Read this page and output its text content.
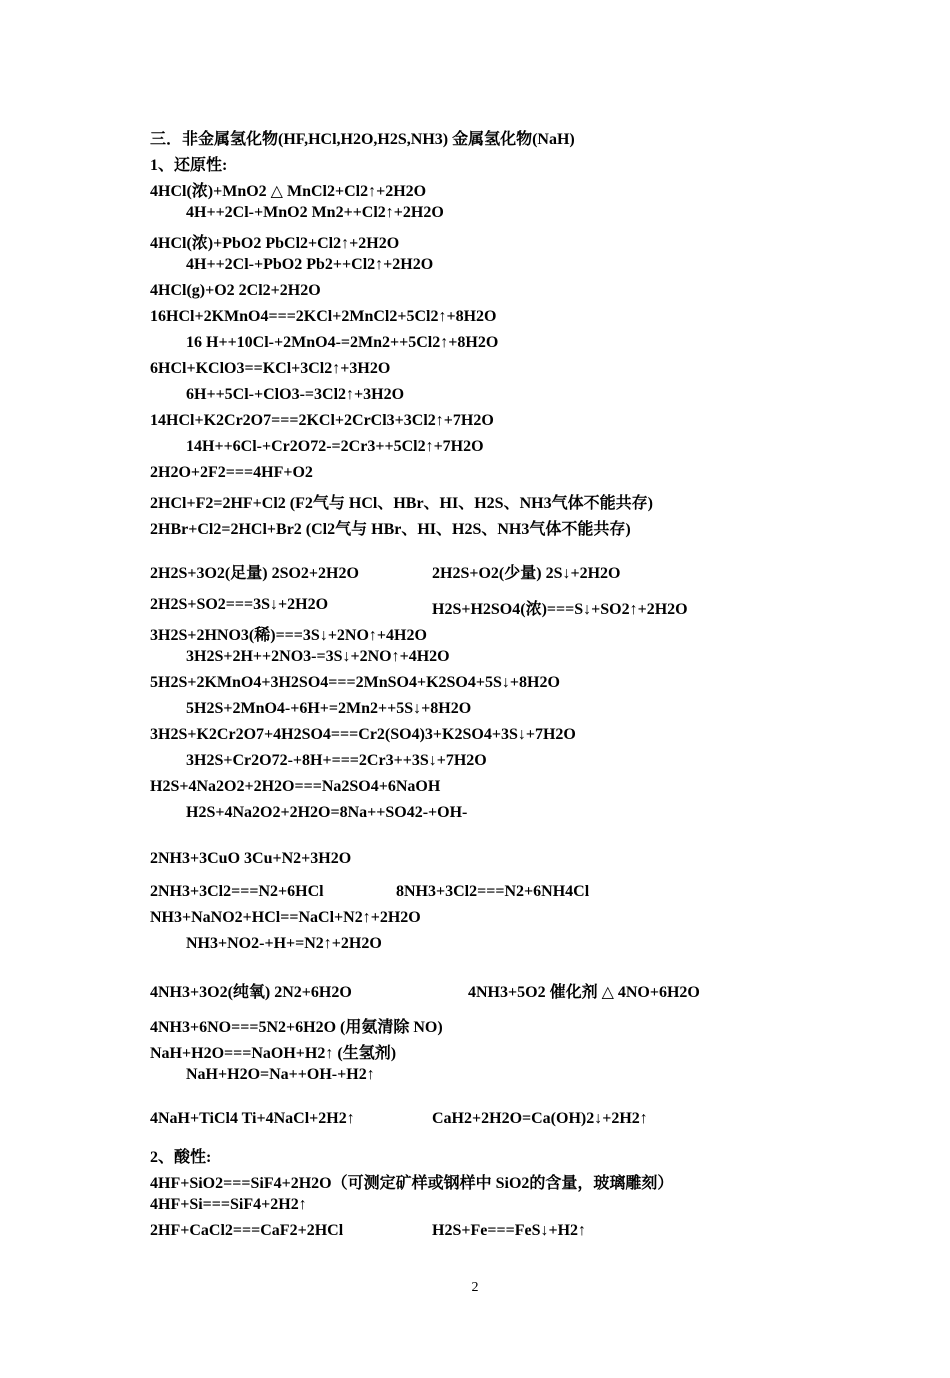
三．非金属氢化物(HF,HCl,H2O,H2S,NH3) 金属氢化物(NaH)
1、还原性:
4HCl(浓)+MnO2 △ MnCl2+Cl2↑+2H2O
4H++2Cl-+MnO2 Mn2++Cl2↑+2H2O
4HCl(浓)+PbO2 PbCl2+Cl2↑+2H2O
4H++2Cl-+PbO2 Pb2++Cl2↑+2H2O
4HCl(g)+O2 2Cl2+2H2O
16HCl+2KMnO4===2KCl+2MnCl2+5Cl2↑+8H2O
16 H++10Cl-+2MnO4-=2Mn2++5Cl2↑+8H2O
6HCl+KClO3==KCl+3Cl2↑+3H2O
6H++5Cl-+ClO3-=3Cl2↑+3H2O
14HCl+K2Cr2O7===2KCl+2CrCl3+3Cl2↑+7H2O
14H++6Cl-+Cr2O72-=2Cr3++5Cl2↑+7H2O
2H2O+2F2===4HF+O2
2HCl+F2=2HF+Cl2 (F2气与 HCl、HBr、HI、H2S、NH3气体不能共存)
2HBr+Cl2=2HCl+Br2 (Cl2气与 HBr、HI、H2S、NH3气体不能共存)
2H2S+3O2(足量) 2SO2+2H2O	2H2S+O2(少量) 2S↓+2H2O
2H2S+SO2===3S↓+2H2O	H2S+H2SO4(浓)===S↓+SO2↑+2H2O
3H2S+2HNO3(稀)===3S↓+2NO↑+4H2O
3H2S+2H++2NO3-=3S↓+2NO↑+4H2O
5H2S+2KMnO4+3H2SO4===2MnSO4+K2SO4+5S↓+8H2O
5H2S+2MnO4-+6H+=2Mn2++5S↓+8H2O
3H2S+K2Cr2O7+4H2SO4===Cr2(SO4)3+K2SO4+3S↓+7H2O
3H2S+Cr2O72-+8H+===2Cr3++3S↓+7H2O
H2S+4Na2O2+2H2O===Na2SO4+6NaOH
H2S+4Na2O2+2H2O=8Na++SO42-+OH-
2NH3+3CuO 3Cu+N2+3H2O
2NH3+3Cl2===N2+6HCl	8NH3+3Cl2===N2+6NH4Cl
NH3+NaNO2+HCl==NaCl+N2↑+2H2O
NH3+NO2-+H+=N2↑+2H2O
4NH3+3O2(纯氧) 2N2+6H2O	4NH3+5O2 催化剂 △ 4NO+6H2O
4NH3+6NO===5N2+6H2O (用氨清除 NO)
NaH+H2O===NaOH+H2↑ (生氢剂)
NaH+H2O=Na++OH-+H2↑
4NaH+TiCl4 Ti+4NaCl+2H2↑	CaH2+2H2O=Ca(OH)2↓+2H2↑
2、酸性:
4HF+SiO2===SiF4+2H2O（可测定矿样或钢样中 SiO2的含量，玻璃雕刻）
4HF+Si===SiF4+2H2↑
2HF+CaCl2===CaF2+2HCl	H2S+Fe===FeS↓+H2↑
2
